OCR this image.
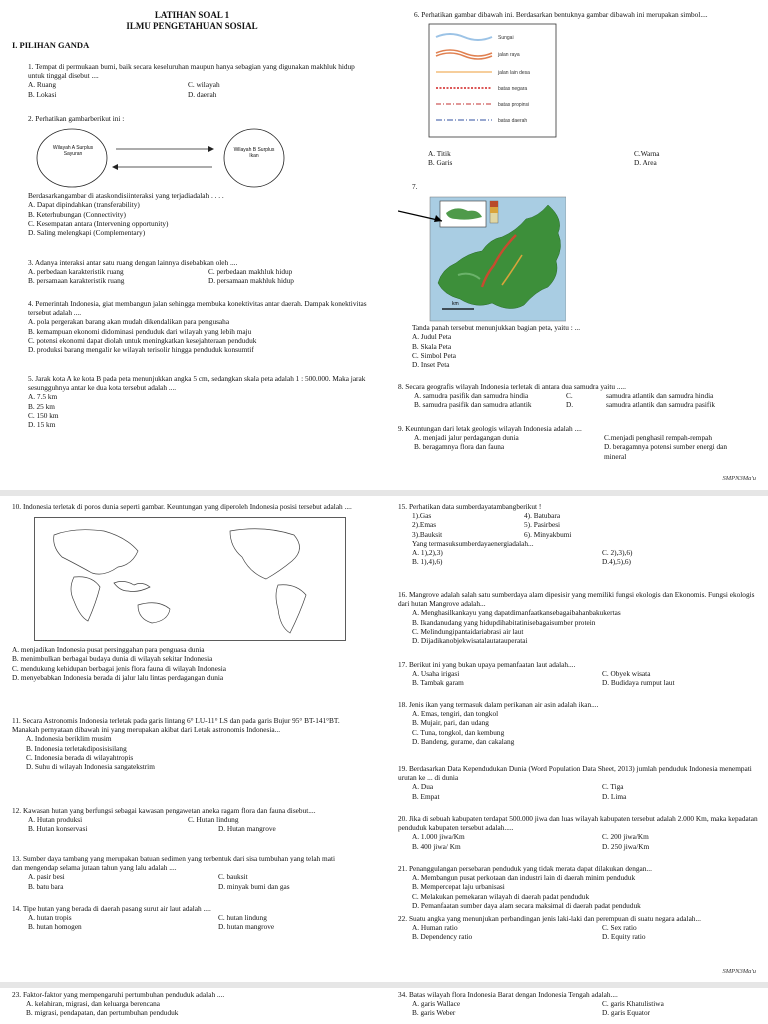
LATIHAN SOAL 1
ILMU PENGETAHUAN SOSIAL
I. PILIHAN GANDA

1. Tempat di permukaan bumi, baik secara keseluruhan maupun hanya sebagian yang digunakan makhluk hidup untuk tinggal disebut ....

A. Ruang	C. wilayah
B. Lokasi	D. daerah

2. Perhatikan gambarberikut ini :

Wilayah A Surplus Sayuran
Wilayah B Surplus Ikan

Berdasarkangambar di ataskondisiinteraksi yang terjadiadalah . . . .

A. Dapat dipindahkan (transferability)

B. Keterhubungan (Connectivity)

C. Kesempatan antara (Intervening opportunity)

D. Saling melengkapi (Complementary)

3. Adanya interaksi antar satu ruang dengan lainnya disebabkan oleh ....

A. perbedaan karakteristik ruang	C. perbedaan makhluk hidup
B. persamaan karakteristik ruang	D. persamaan makhluk hidup

4. Pemerintah Indonesia, giat membangun jalan sehingga membuka konektivitas antar daerah. Dampak konektivitas tersebut adalah ....

A. pola pergerakan barang akan mudah dikendalikan para pengusaha

B. kemampuan ekonomi didominasi penduduk dari wilayah yang lebih maju

C. potensi ekonomi dapat diolah untuk meningkatkan kesejahteraan penduduk

D. produksi barang mengalir ke wilayah terisolir hingga penduduk konsumtif

5. Jarak kota A ke kota B pada peta menunjukkan angka 5 cm, sedangkan skala peta adalah 1 : 500.000. Maka jarak sesungguhnya antar ke dua kota tersebut adalah ....

A. 7.5 km

B. 25 km

C. 150 km

D. 15 km

6. Perhatikan gambar dibawah ini. Berdasarkan bentuknya gambar dibawah ini merupakan simbol....

Sungai
jalan raya
jalan lain desa
batas negara
batas propinsi
batas daerah
A. Titik	C.Warna
B. Garis	D. Area
7.
km

Tanda panah tersebut menunjukkan bagian peta, yaitu : ...

A. Judul Peta

B. Skala Peta

C. Simbol Peta

D. Inset Peta

8. Secara geografis wilayah Indonesia terletak di antara dua samudra yaitu .....

A. samudra pasifik dan samudra hindia	C.	samudra atlantik dan samudra hindia
B. samudra pasifik dan samudra atlantik	D.	samudra atlantik dan samudra pasifik

9. Keuntungan dari letak geologis wilayah Indonesia adalah ....

A. menjadi jalur perdagangan dunia	C.menjadi penghasil rempah-rempah
B. beragamnya flora dan fauna	D. beragamnya potensi sumber energi dan mineral
SMPN3Ma'u

10. Indonesia terletak di poros dunia seperti gambar. Keuntungan yang diperoleh Indonesia posisi tersebut adalah ....

A. menjadikan Indonesia pusat persinggahan para penguasa dunia

B. menimbulkan berbagai budaya dunia di wilayah sekitar Indonesia

C. mendukung kehidupan berbagai jenis flora fauna di wilayah Indonesia

D. menyebabkan Indonesia berada di jalur lalu lintas perdagangan dunia

11. Secara Astronomis Indonesia terletak pada garis lintang 6° LU-11° LS dan pada garis Bujur 95° BT-141°BT. Manakah pernyataan dibawah ini yang merupakan akibat dari Letak astronomis Indonesia...

A. Indonesia beriklim musim

B. Indonesia terletakdiposisisilang

C. Indonesia berada di wilayahtropis

D. Suhu di wilayah Indonesia sangatekstrim

12. Kawasan hutan yang berfungsi sebagai kawasan pengawetan aneka ragam flora dan fauna disebut....

A. Hutan produksi	C. Hutan lindung
B. Hutan konservasi	D. Hutan mangrove

13. Sumber daya tambang yang merupakan batuan sedimen yang terbentuk dari sisa tumbuhan yang telah mati dan mengendap selama jutaan tahun yang lalu adalah ....

A. pasir besi	C. bauksit
B. batu bara	D. minyak bumi dan gas

14. Tipe hutan yang berada di daerah pasang surut air laut adalah ....

A. hutan tropis	C. hutan lindung
B. hutan homogen	D. hutan mangrove

15. Perhatikan data sumberdayatambangberikut !

1).Gas	4). Batubara
2).Emas	5). Pasirbesi
3).Bauksit	6). Minyakbumi

Yang termasuksumberdayaenergiadalah...

A. 1),2),3)	C. 2),3),6)
B. 1),4),6)	D.4),5),6)

16. Mangrove adalah salah satu sumberdaya alam dipesisir yang memiliki fungsi ekologis dan Ekonomis. Fungsi ekologis dari hutan Mangrove adalah...

A. Menghasilkankayu yang dapatdimanfaatkansebagaibahanbakukertas

B. Ikandanudang yang hidupdihabitatinisebagaisumber protein

C. Melindungipantaidariabrasi air laut

D. Dijadikanobjekwisatalautatauperatai

17. Berikut ini yang bukan upaya pemanfaatan laut adalah....

A. Usaha irigasi	C. Obyek wisata
B. Tambak garam	D. Budidaya rumput laut

18. Jenis ikan yang termasuk dalam perikanan air asin adalah ikan....

A. Emas, tengiri, dan tongkol

B. Mujair, pari, dan udang

C. Tuna, tongkol, dan kembung

D. Bandeng, gurame, dan cakalang

19. Berdasarkan Data Kependudukan Dunia (Word Population Data Sheet, 2013) jumlah penduduk Indonesia menempati urutan ke ... di dunia

A. Dua	C. Tiga
B. Empat	D. Lima

20. Jika di sebuah kabupaten terdapat 500.000 jiwa dan luas wilayah kabupaten tersebut adalah 2.000 Km, maka kepadatan penduduk kabupaten tersebut adalah.....

A. 1.000 jiwa/Km	C. 200 jiwa/Km
B. 400 jiwa/ Km	D. 250 jiwa/Km

21. Penanggulangan persebaran penduduk yang tidak merata dapat dilakukan dengan...

A. Membangun pusat perkotaan dan industri lain di daerah minim penduduk

B. Mempercepat laju urbanisasi

C. Melakukan pemekaran wilayah di daerah padat penduduk

D. Pemanfaatan sumber daya alam secara maksimal di daerah padat penduduk

22. Suatu angka yang menunjukan perbandingan jenis laki-laki dan perempuan di suatu negara adalah...

A. Human ratio	C. Sex ratio
B. Dependency ratio	D. Equity ratio
SMPN3Ma'u

23. Faktor-faktor yang mempengaruhi pertumbuhan penduduk adalah ....

A. kelahiran, migrasi, dan keluarga berencana

B. migrasi, pendapatan, dan pertumbuhan penduduk

34. Batas wilayah flora Indonesia Barat dengan Indonesia Tengah adalah....

A. garis Wallace	C. garis Khatulistiwa
B. garis Weber	D. garis Equator
